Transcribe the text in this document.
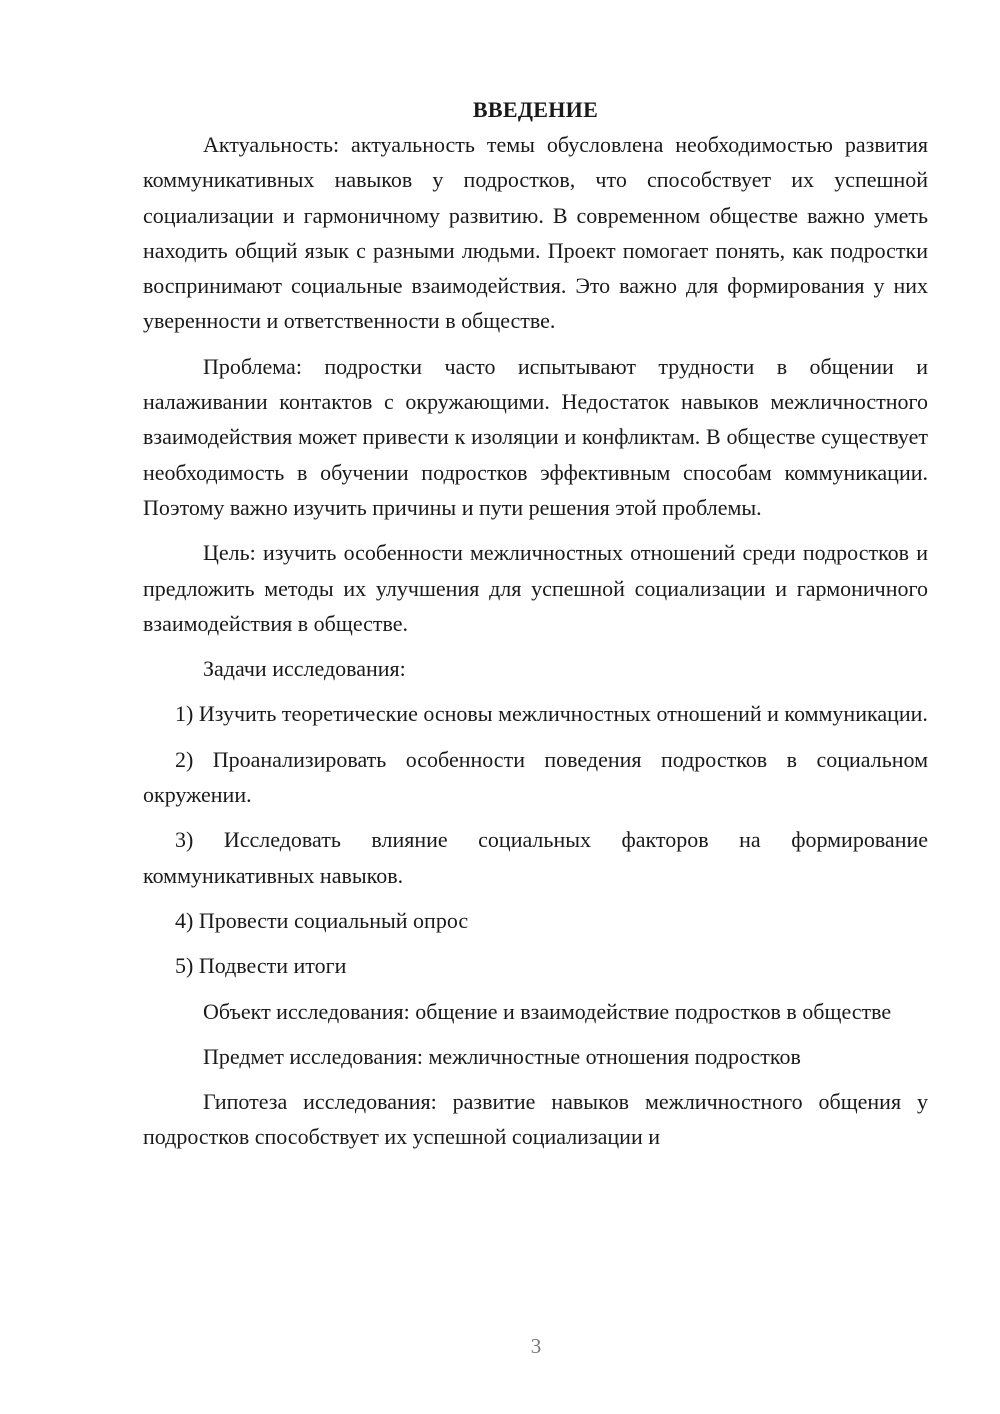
ВВЕДЕНИЕ

Актуальность: актуальность темы обусловлена необходимостью развития коммуникативных навыков у подростков, что способствует их успешной социализации и гармоничному развитию. В современном обществе важно уметь находить общий язык с разными людьми. Проект помогает понять, как подростки воспринимают социальные взаимодействия. Это важно для формирования у них уверенности и ответственности в обществе.

Проблема: подростки часто испытывают трудности в общении и налаживании контактов с окружающими. Недостаток навыков межличностного взаимодействия может привести к изоляции и конфликтам. В обществе существует необходимость в обучении подростков эффективным способам коммуникации. Поэтому важно изучить причины и пути решения этой проблемы.

Цель: изучить особенности межличностных отношений среди подростков и предложить методы их улучшения для успешной социализации и гармоничного взаимодействия в обществе.

Задачи исследования:

1) Изучить теоретические основы межличностных отношений и коммуникации.

2) Проанализировать особенности поведения подростков в социальном окружении.

3) Исследовать влияние социальных факторов на формирование коммуникативных навыков.

4) Провести социальный опрос

5) Подвести итоги

Объект исследования: общение и взаимодействие подростков в обществе

Предмет исследования: межличностные отношения подростков

Гипотеза исследования: развитие навыков межличностного общения у подростков способствует их успешной социализации и

3
